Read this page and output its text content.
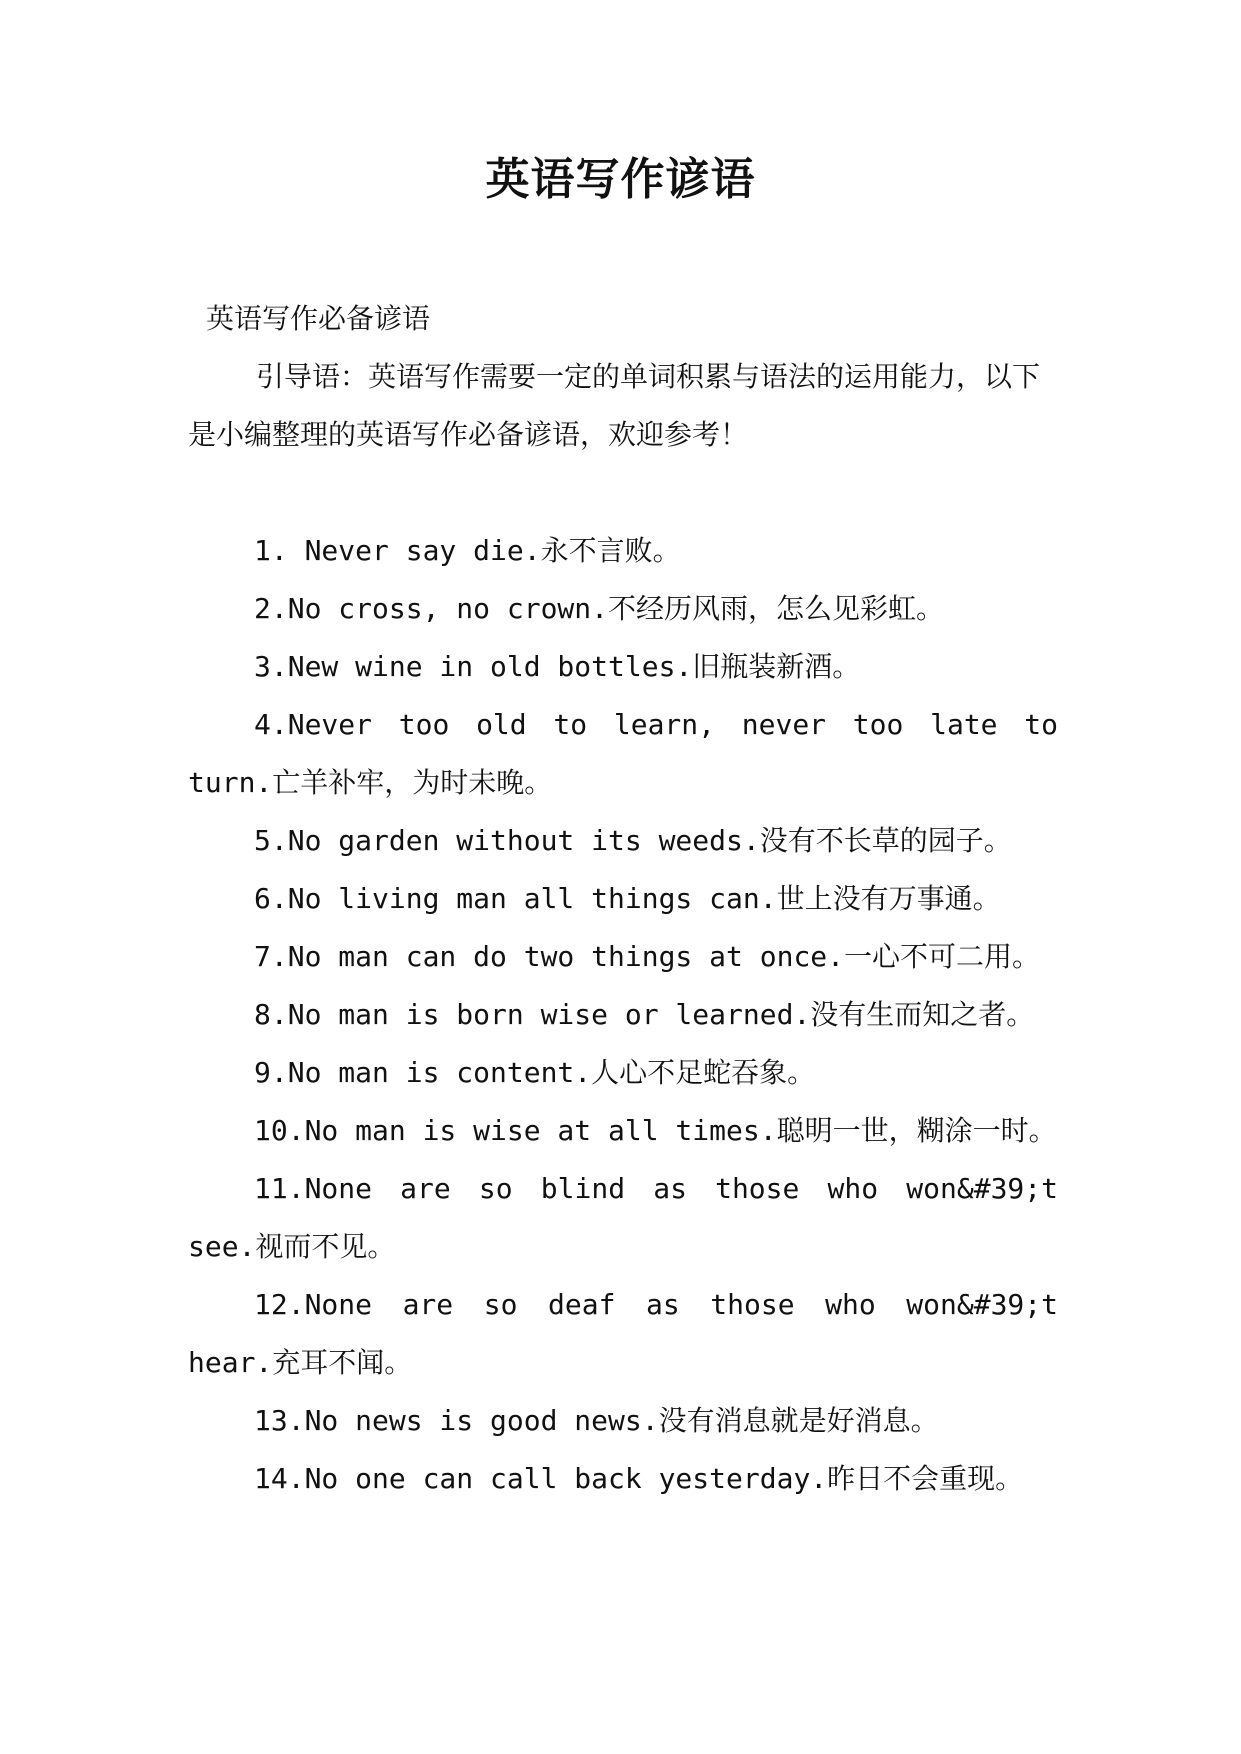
英语写作谚语

英语写作必备谚语

引导语：英语写作需要一定的单词积累与语法的运用能力，以下是小编整理的英语写作必备谚语，欢迎参考！

1. Never say die.永不言败。

2.No cross, no crown.不经历风雨，怎么见彩虹。

3.New wine in old bottles.旧瓶装新酒。

4.Never too old to learn, never too late to turn.亡羊补牢，为时未晚。

5.No garden without its weeds.没有不长草的园子。

6.No living man all things can.世上没有万事通。

7.No man can do two things at once.一心不可二用。

8.No man is born wise or learned.没有生而知之者。

9.No man is content.人心不足蛇吞象。

10.No man is wise at all times.聪明一世，糊涂一时。

11.None are so blind as those who won&#39;t see.视而不见。

12.None are so deaf as those who won&#39;t hear.充耳不闻。

13.No news is good news.没有消息就是好消息。

14.No one can call back yesterday.昨日不会重现。
